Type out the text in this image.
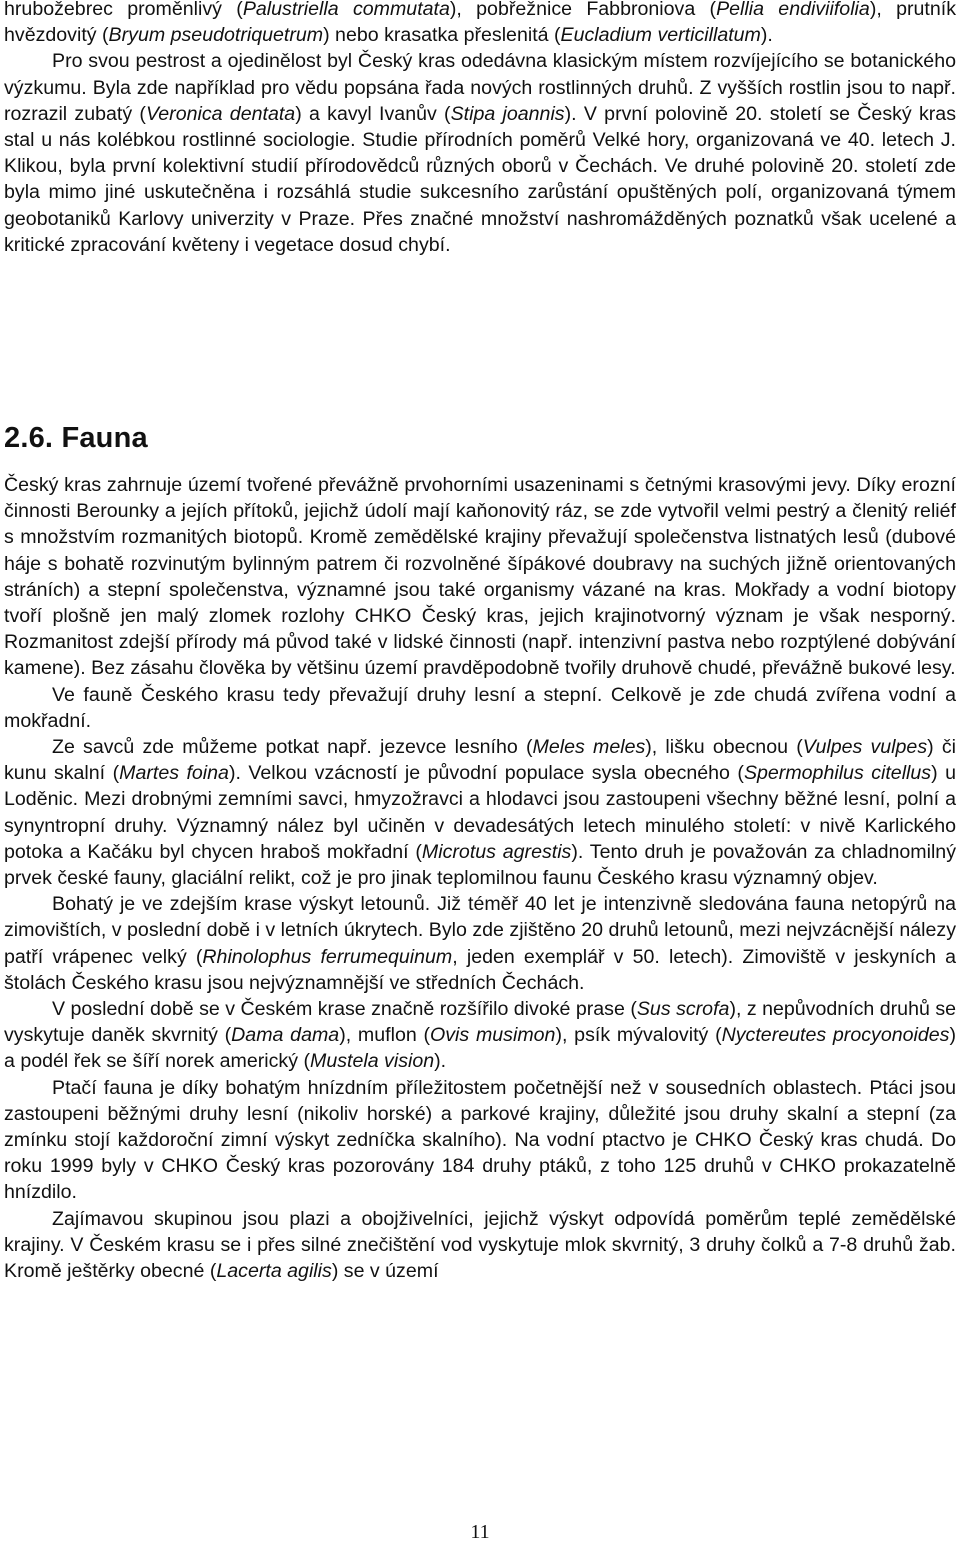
hrubožebrec proměnlivý (Palustriella commutata), pobřežnice Fabbroniova (Pellia endiviifolia), prutník hvězdovitý (Bryum pseudotriquetrum) nebo krasatka přeslenitá (Eucladium verticillatum).

Pro svou pestrost a ojedinělost byl Český kras odedávna klasickým místem rozvíjejícího se botanického výzkumu. Byla zde například pro vědu popsána řada nových rostlinných druhů. Z vyšších rostlin jsou to např. rozrazil zubatý (Veronica dentata) a kavyl Ivanův (Stipa joannis). V první polovině 20. století se Český kras stal u nás kolébkou rostlinné sociologie. Studie přírodních poměrů Velké hory, organizovaná ve 40. letech J. Klikou, byla první kolektivní studií přírodovědců různých oborů v Čechách. Ve druhé polovině 20. století zde byla mimo jiné uskutečněna i rozsáhlá studie sukcesního zarůstání opuštěných polí, organizovaná týmem geobotaniků Karlovy univerzity v Praze. Přes značné množství nashromážděných poznatků však ucelené a kritické zpracování květeny i vegetace dosud chybí.

2.6. Fauna

Český kras zahrnuje území tvořené převážně prvohorními usazeninami s četnými krasovými jevy. Díky erozní činnosti Berounky a jejích přítoků, jejichž údolí mají kaňonovitý ráz, se zde vytvořil velmi pestrý a členitý reliéf s množstvím rozmanitých biotopů. Kromě zemědělské krajiny převažují společenstva listnatých lesů (dubové háje s bohatě rozvinutým bylinným patrem či rozvolněné šípákové doubravy na suchých jižně orientovaných stráních) a stepní společenstva, významné jsou také organismy vázané na kras. Mokřady a vodní biotopy tvoří plošně jen malý zlomek rozlohy CHKO Český kras, jejich krajinotvorný význam je však nesporný. Rozmanitost zdejší přírody má původ také v lidské činnosti (např. intenzivní pastva nebo rozptýlené dobývání kamene). Bez zásahu člověka by většinu území pravděpodobně tvořily druhově chudé, převážně bukové lesy.

Ve fauně Českého krasu tedy převažují druhy lesní a stepní. Celkově je zde chudá zvířena vodní a mokřadní.

Ze savců zde můžeme potkat např. jezevce lesního (Meles meles), lišku obecnou (Vulpes vulpes) či kunu skalní (Martes foina). Velkou vzácností je původní populace sysla obecného (Spermophilus citellus) u Loděnic. Mezi drobnými zemními savci, hmyzožravci a hlodavci jsou zastoupeni všechny běžné lesní, polní a synyntropní druhy. Významný nález byl učiněn v devadesátých letech minulého století: v nivě Karlického potoka a Kačáku byl chycen hraboš mokřadní (Microtus agrestis). Tento druh je považován za chladnomilný prvek české fauny, glaciální relikt, což je pro jinak teplomilnou faunu Českého krasu významný objev.

Bohatý je ve zdejším krase výskyt letounů. Již téměř 40 let je intenzivně sledována fauna netopýrů na zimovištích, v poslední době i v letních úkrytech. Bylo zde zjištěno 20 druhů letounů, mezi nejvzácnější nálezy patří vrápenec velký (Rhinolophus ferrumequinum, jeden exemplář v 50. letech). Zimoviště v jeskyních a štolách Českého krasu jsou nejvýznamnější ve středních Čechách.

V poslední době se v Českém krase značně rozšířilo divoké prase (Sus scrofa), z nepůvodních druhů se vyskytuje daněk skvrnitý (Dama dama), muflon (Ovis musimon), psík mývalovitý (Nyctereutes procyonoides) a podél řek se šíří norek americký (Mustela vision).

Ptačí fauna je díky bohatým hnízdním příležitostem početnější než v sousedních oblastech. Ptáci jsou zastoupeni běžnými druhy lesní (nikoliv horské) a parkové krajiny, důležité jsou druhy skalní a stepní (za zmínku stojí každoroční zimní výskyt zedníčka skalního). Na vodní ptactvo je CHKO Český kras chudá. Do roku 1999 byly v CHKO Český kras pozorovány 184 druhy ptáků, z toho 125 druhů v CHKO prokazatelně hnízdilo.

Zajímavou skupinou jsou plazi a obojživelníci, jejichž výskyt odpovídá poměrům teplé zemědělské krajiny. V Českém krasu se i přes silné znečištění vod vyskytuje mlok skvrnitý, 3 druhy čolků a 7-8 druhů žab. Kromě ještěrky obecné (Lacerta agilis) se v území

11
